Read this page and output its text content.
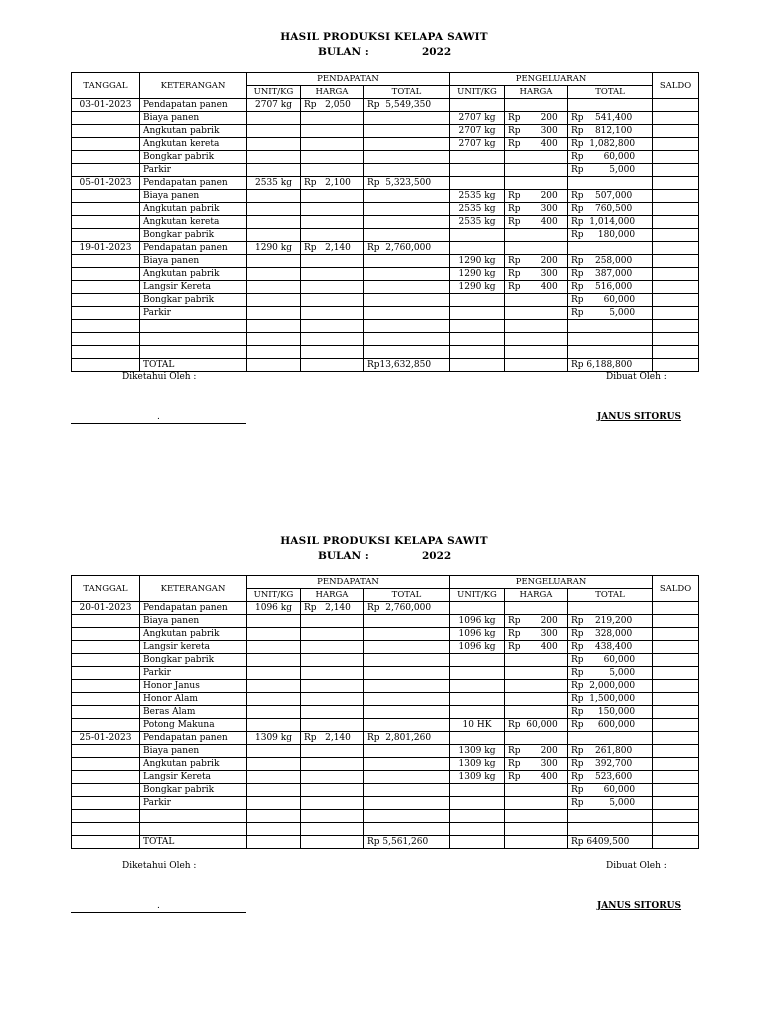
HASIL PRODUKSI KELAPA SAWIT
BULAN :	2022
TANGGAL	KETERANGAN	PENDAPATAN			PENGELUARAN			SALDO
		UNIT/KG	HARGA	TOTAL	UNIT/KG	HARGA	TOTAL	
03-01-2023	Pendapatan panen	2707 kg	Rp   2,050	Rp  5,549,350				
	Biaya panen				2707 kg	Rp       200	Rp    541,400	
	Angkutan pabrik				2707 kg	Rp       300	Rp    812,100	
	Angkutan kereta				2707 kg	Rp       400	Rp  1,082,800	
	Bongkar pabrik						Rp       60,000	
	Parkir						Rp         5,000	
05-01-2023	Pendapatan panen	2535 kg	Rp   2,100	Rp  5,323,500				
	Biaya panen				2535 kg	Rp       200	Rp    507,000	
	Angkutan pabrik				2535 kg	Rp       300	Rp    760,500	
	Angkutan kereta				2535 kg	Rp       400	Rp  1,014,000	
	Bongkar pabrik						Rp     180,000	
19-01-2023	Pendapatan panen	1290 kg	Rp   2,140	Rp  2,760,000				
	Biaya panen				1290 kg	Rp       200	Rp    258,000	
	Angkutan pabrik				1290 kg	Rp       300	Rp    387,000	
	Langsir Kereta				1290 kg	Rp       400	Rp    516,000	
	Bongkar pabrik						Rp       60,000	
	Parkir						Rp         5,000	

	TOTAL			Rp13,632,850			Rp 6,188,800	
Diketahui Oleh :	Dibuat Oleh :
.	JANUS SITORUS
HASIL PRODUKSI KELAPA SAWIT
BULAN :	2022
TANGGAL	KETERANGAN	PENDAPATAN			PENGELUARAN			SALDO
		UNIT/KG	HARGA	TOTAL	UNIT/KG	HARGA	TOTAL	
20-01-2023	Pendapatan panen	1096 kg	Rp   2,140	Rp  2,760,000				
	Biaya panen				1096 kg	Rp       200	Rp    219,200	
	Angkutan pabrik				1096 kg	Rp       300	Rp    328,000	
	Langsir kereta				1096 kg	Rp       400	Rp    438,400	
	Bongkar pabrik						Rp       60,000	
	Parkir						Rp         5,000	
	Honor Janus						Rp  2,000,000	
	Honor Alam						Rp  1,500,000	
	Beras Alam						Rp     150,000	
	Potong Makuna				10 HK	Rp  60,000	Rp     600,000	
25-01-2023	Pendapatan panen	1309 kg	Rp   2,140	Rp  2,801,260				
	Biaya panen				1309 kg	Rp       200	Rp    261,800	
	Angkutan pabrik				1309 kg	Rp       300	Rp    392,700	
	Langsir Kereta				1309 kg	Rp       400	Rp    523,600	
	Bongkar pabrik						Rp       60,000	
	Parkir						Rp         5,000	

	TOTAL			Rp 5,561,260			Rp 6409,500	
Diketahui Oleh :	Dibuat Oleh :
.	JANUS SITORUS
